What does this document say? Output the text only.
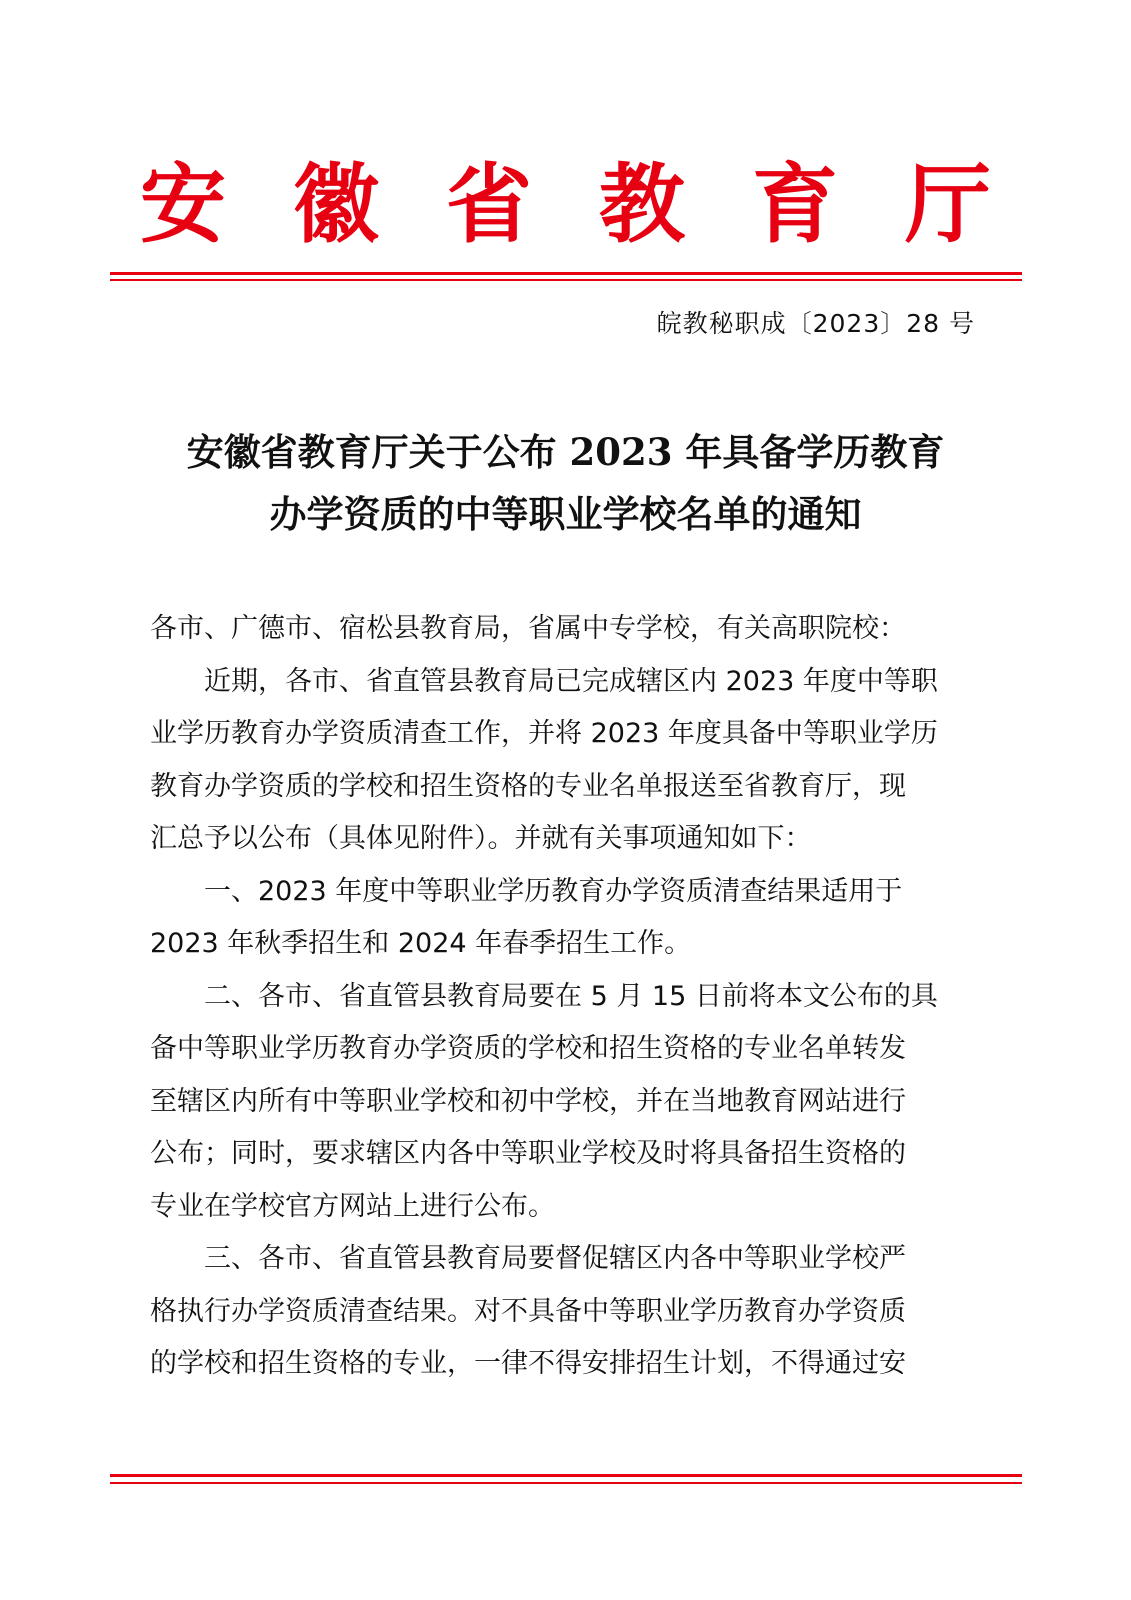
安 徽 省 教 育 厅
皖教秘职成〔2023〕28 号
安徽省教育厅关于公布 2023 年具备学历教育
办学资质的中等职业学校名单的通知
各市、广德市、宿松县教育局，省属中专学校，有关高职院校：
近期，各市、省直管县教育局已完成辖区内 2023 年度中等职
业学历教育办学资质清查工作，并将 2023 年度具备中等职业学历
教育办学资质的学校和招生资格的专业名单报送至省教育厅，现
汇总予以公布（具体见附件）。并就有关事项通知如下：
一、2023 年度中等职业学历教育办学资质清查结果适用于
2023 年秋季招生和 2024 年春季招生工作。
二、各市、省直管县教育局要在 5 月 15 日前将本文公布的具
备中等职业学历教育办学资质的学校和招生资格的专业名单转发
至辖区内所有中等职业学校和初中学校，并在当地教育网站进行
公布；同时，要求辖区内各中等职业学校及时将具备招生资格的
专业在学校官方网站上进行公布。
三、各市、省直管县教育局要督促辖区内各中等职业学校严
格执行办学资质清查结果。对不具备中等职业学历教育办学资质
的学校和招生资格的专业，一律不得安排招生计划，不得通过安
